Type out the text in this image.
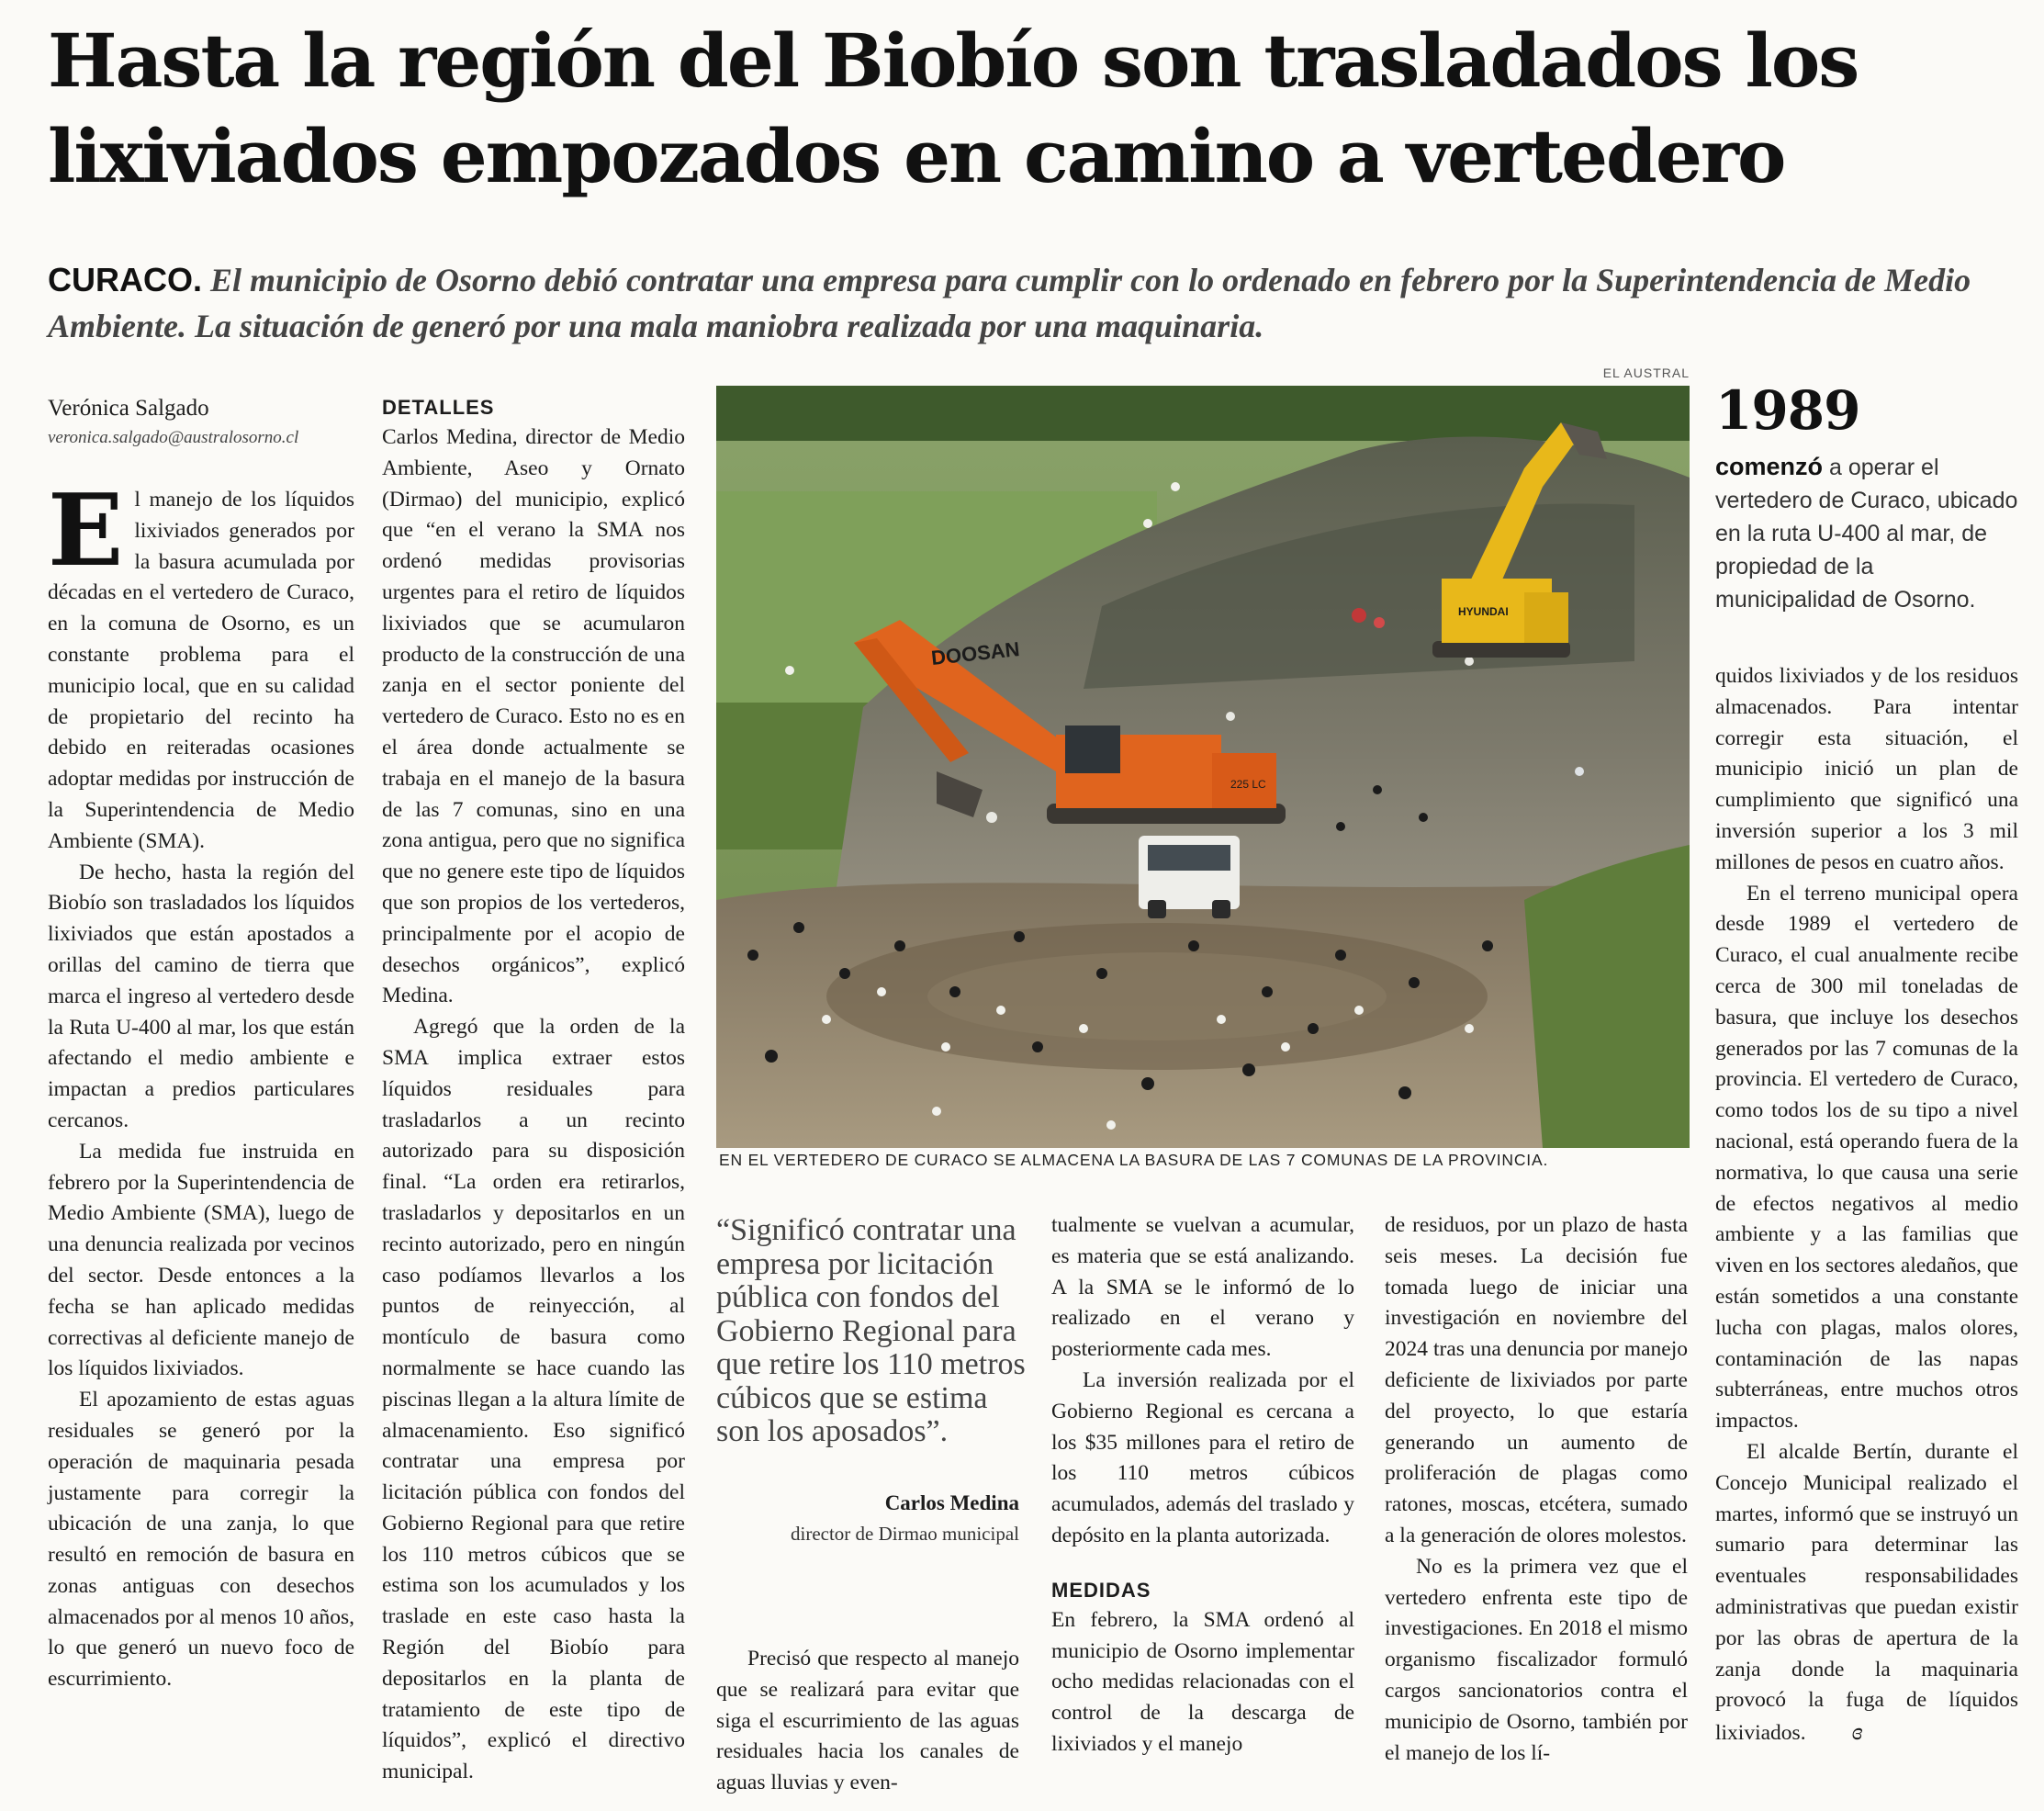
Hasta la región del Biobío son trasladados los
lixiviados empozados en camino a vertedero

CURACO. El municipio de Osorno debió contratar una empresa para cumplir con lo ordenado en febrero por la Superintendencia de Medio Ambiente. La situación de generó por una mala maniobra realizada por una maquinaria.

Verónica Salgado

veronica.salgado@australosorno.cl

El manejo de los líquidos lixiviados generados por la basura acumulada por décadas en el vertedero de Curaco, en la comuna de Osorno, es un constante problema para el municipio local, que en su calidad de propietario del recinto ha debido en reiteradas ocasiones adoptar medidas por instrucción de la Superintendencia de Medio Ambiente (SMA).

De hecho, hasta la región del Biobío son trasladados los líquidos lixiviados que están apostados a orillas del camino de tierra que marca el ingreso al vertedero desde la Ruta U-400 al mar, los que están afectando el medio ambiente e impactan a predios particulares cercanos.

La medida fue instruida en febrero por la Superintendencia de Medio Ambiente (SMA), luego de una denuncia realizada por vecinos del sector. Desde entonces a la fecha se han aplicado medidas correctivas al deficiente manejo de los líquidos lixiviados.

El apozamiento de estas aguas residuales se generó por la operación de maquinaria pesada justamente para corregir la ubicación de una zanja, lo que resultó en remoción de basura en zonas antiguas con desechos almacenados por al menos 10 años, lo que generó un nuevo foco de escurrimiento.

DETALLES

Carlos Medina, director de Medio Ambiente, Aseo y Ornato (Dirmao) del municipio, explicó que “en el verano la SMA nos ordenó medidas provisorias urgentes para el retiro de líquidos lixiviados que se acumularon producto de la construcción de una zanja en el sector poniente del vertedero de Curaco. Esto no es en el área donde actualmente se trabaja en el manejo de la basura de las 7 comunas, sino en una zona antigua, pero que no significa que no genere este tipo de líquidos que son propios de los vertederos, principalmente por el acopio de desechos orgánicos”, explicó Medina.

Agregó que la orden de la SMA implica extraer estos líquidos residuales para trasladarlos a un recinto autorizado para su disposición final. “La orden era retirarlos, trasladarlos y depositarlos en un recinto autorizado, pero en ningún caso podíamos llevarlos a los puntos de reinyección, al montículo de basura como normalmente se hace cuando las piscinas llegan a la altura límite de almacenamiento. Eso significó contratar una empresa por licitación pública con fondos del Gobierno Regional para que retire los 110 metros cúbicos que se estima son los acumulados y los traslade en este caso hasta la Región del Biobío para depositarlos en la planta de tratamiento de este tipo de líquidos”, explicó el directivo municipal.

EL AUSTRAL
DOOSAN
225 LC
HYUNDAI

EN EL VERTEDERO DE CURACO SE ALMACENA LA BASURA DE LAS 7 COMUNAS DE LA PROVINCIA.

“Significó contratar una empresa por licitación pública con fondos del Gobierno Regional para que retire los 110 metros cúbicos que se estima son los aposados”.

Carlos Medina
director de Dirmao municipal

Precisó que respecto al manejo que se realizará para evitar que siga el escurrimiento de las aguas residuales hacia los canales de aguas lluvias y even-

tualmente se vuelvan a acumular, es materia que se está analizando. A la SMA se le informó de lo realizado en el verano y posteriormente cada mes.

La inversión realizada por el Gobierno Regional es cercana a los $35 millones para el retiro de los 110 metros cúbicos acumulados, además del traslado y depósito en la planta autorizada.

MEDIDAS

En febrero, la SMA ordenó al municipio de Osorno implementar ocho medidas relacionadas con el control de la descarga de lixiviados y el manejo

de residuos, por un plazo de hasta seis meses. La decisión fue tomada luego de iniciar una investigación en noviembre del 2024 tras una denuncia por manejo deficiente de lixiviados por parte del proyecto, lo que estaría generando un aumento de proliferación de plagas como ratones, moscas, etcétera, sumado a la generación de olores molestos.

No es la primera vez que el vertedero enfrenta este tipo de investigaciones. En 2018 el mismo organismo fiscalizador formuló cargos sancionatorios contra el municipio de Osorno, también por el manejo de los lí-

1989

comenzó a operar el vertedero de Curaco, ubicado en la ruta U-400 al mar, de propiedad de la municipalidad de Osorno.

quidos lixiviados y de los residuos almacenados. Para intentar corregir esta situación, el municipio inició un plan de cumplimiento que significó una inversión superior a los 3 mil millones de pesos en cuatro años.

En el terreno municipal opera desde 1989 el vertedero de Curaco, el cual anualmente recibe cerca de 300 mil toneladas de basura, que incluye los desechos generados por las 7 comunas de la provincia. El vertedero de Curaco, como todos los de su tipo a nivel nacional, está operando fuera de la normativa, lo que causa una serie de efectos negativos al medio ambiente y a las familias que viven en los sectores aledaños, que están sometidos a una constante lucha con plagas, malos olores, contaminación de las napas subterráneas, entre muchos otros impactos.

El alcalde Bertín, durante el Concejo Municipal realizado el martes, informó que se instruyó un sumario para determinar las eventuales responsabilidades administrativas que puedan existir por las obras de apertura de la zanja donde la maquinaria provocó la fuga de líquidos lixiviados. ɞ
